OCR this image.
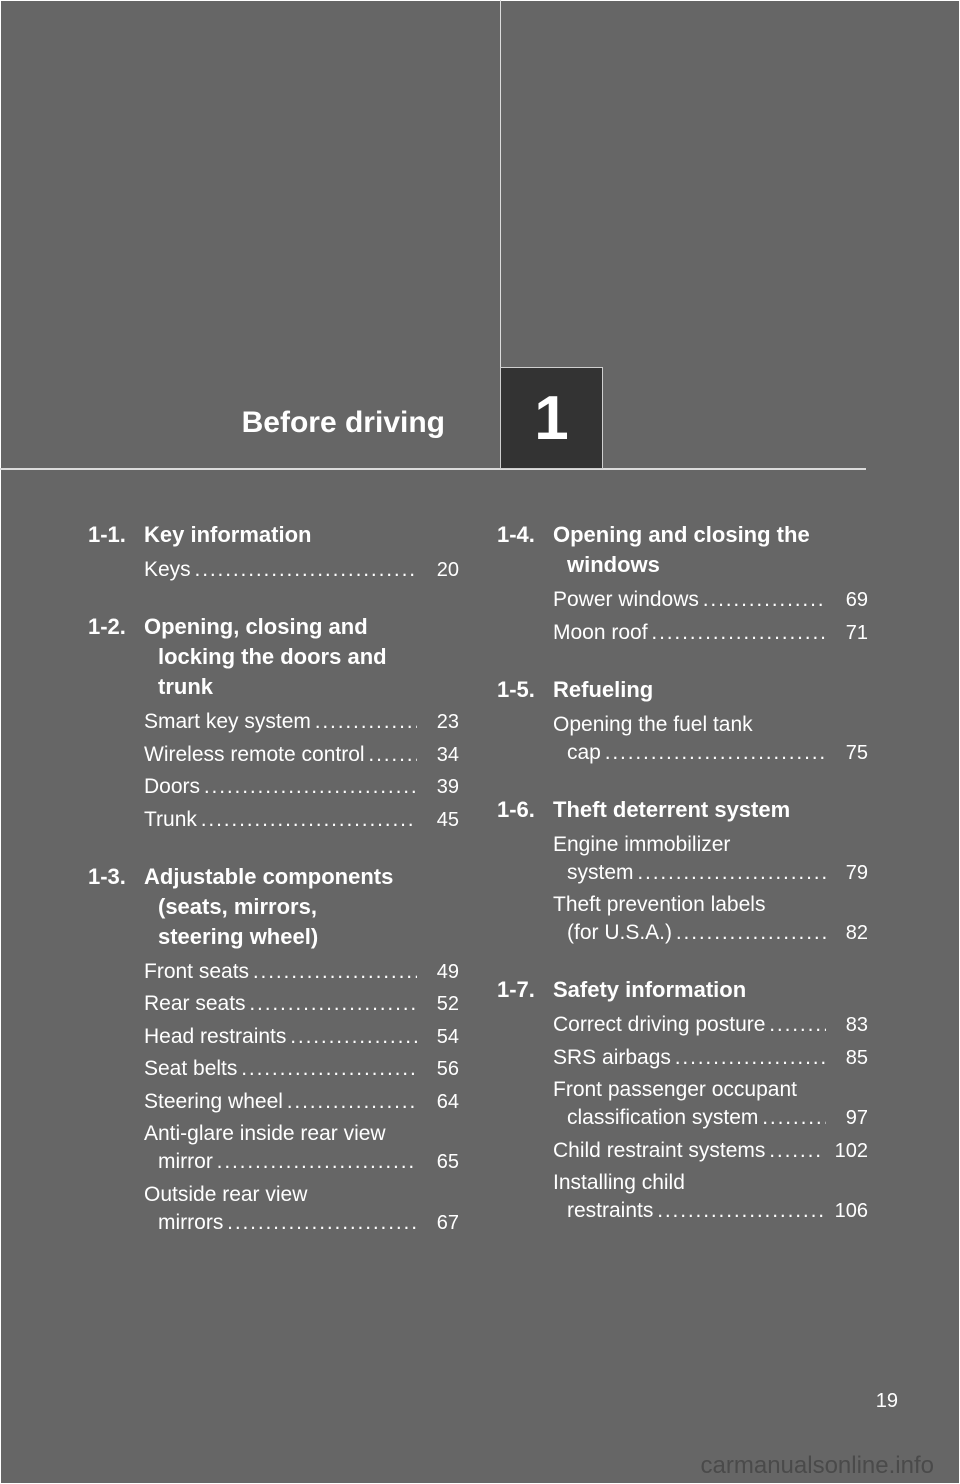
Before driving 1
1-1. Key information
Keys . . .	20
1-2. Opening, closing and
locking the doors and
trunk
Smart key system . . .	23
Wireless remote control . . .	34
Doors . . .	39
Trunk . . .	45
1-3. Adjustable components
(seats, mirrors,
steering wheel)
Front seats . . .	49
Rear seats . . .	52
Head restraints . . .	54
Seat belts . . .	56
Steering wheel . . .	64
Anti-glare inside rear view
mirror . . .	65
Outside rear view
mirrors . . .	67
1-4. Opening and closing the
windows
Power windows . . .	69
Moon roof . . .	71
1-5. Refueling
Opening the fuel tank
cap . . .	75
1-6. Theft deterrent system
Engine immobilizer
system . . .	79
Theft prevention labels
(for U.S.A.) . . .	82
1-7. Safety information
Correct driving posture . . .	83
SRS airbags . . .	85
Front passenger occupant
classification system . . .	97
Child restraint systems . . .	102
Installing child
restraints . . .	106
19
carmanualsonline.info
